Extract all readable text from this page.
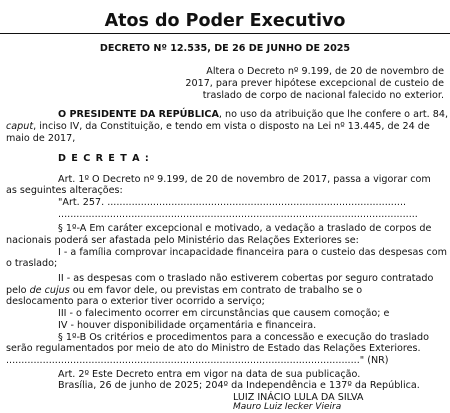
Atos do Poder Executivo
DECRETO Nº 12.535, DE 26 DE JUNHO DE 2025
Altera o Decreto nº 9.199, de 20 de novembro de
2017, para prever hipótese excepcional de custeio de
traslado de corpo de nacional falecido no exterior.
O PRESIDENTE DA REPÚBLICA, no uso da atribuição que lhe confere o art. 84,
caput, inciso IV, da Constituição, e tendo em vista o disposto na Lei nº 13.445, de 24 de
maio de 2017,
D E C R E T A :
Art. 1º O Decreto nº 9.199, de 20 de novembro de 2017, passa a vigorar com
as seguintes alterações:
"Art. 257. ..................................................................................................
......................................................................................................................
§ 1º-A Em caráter excepcional e motivado, a vedação a traslado de corpos de
nacionais poderá ser afastada pelo Ministério das Relações Exteriores se:
I - a família comprovar incapacidade financeira para o custeio das despesas com
o traslado;
II - as despesas com o traslado não estiverem cobertas por seguro contratado
pelo de cujus ou em favor dele, ou previstas em contrato de trabalho se o
deslocamento para o exterior tiver ocorrido a serviço;
III - o falecimento ocorrer em circunstâncias que causem comoção; e
IV - houver disponibilidade orçamentária e financeira.
§ 1º-B Os critérios e procedimentos para a concessão e execução do traslado
serão regulamentados por meio de ato do Ministro de Estado das Relações Exteriores.
...................................................................................................................." (NR)
Art. 2º Este Decreto entra em vigor na data de sua publicação.
Brasília, 26 de junho de 2025; 204º da Independência e 137º da República.
LUIZ INÁCIO LULA DA SILVA
Mauro Luiz Iecker Vieira
